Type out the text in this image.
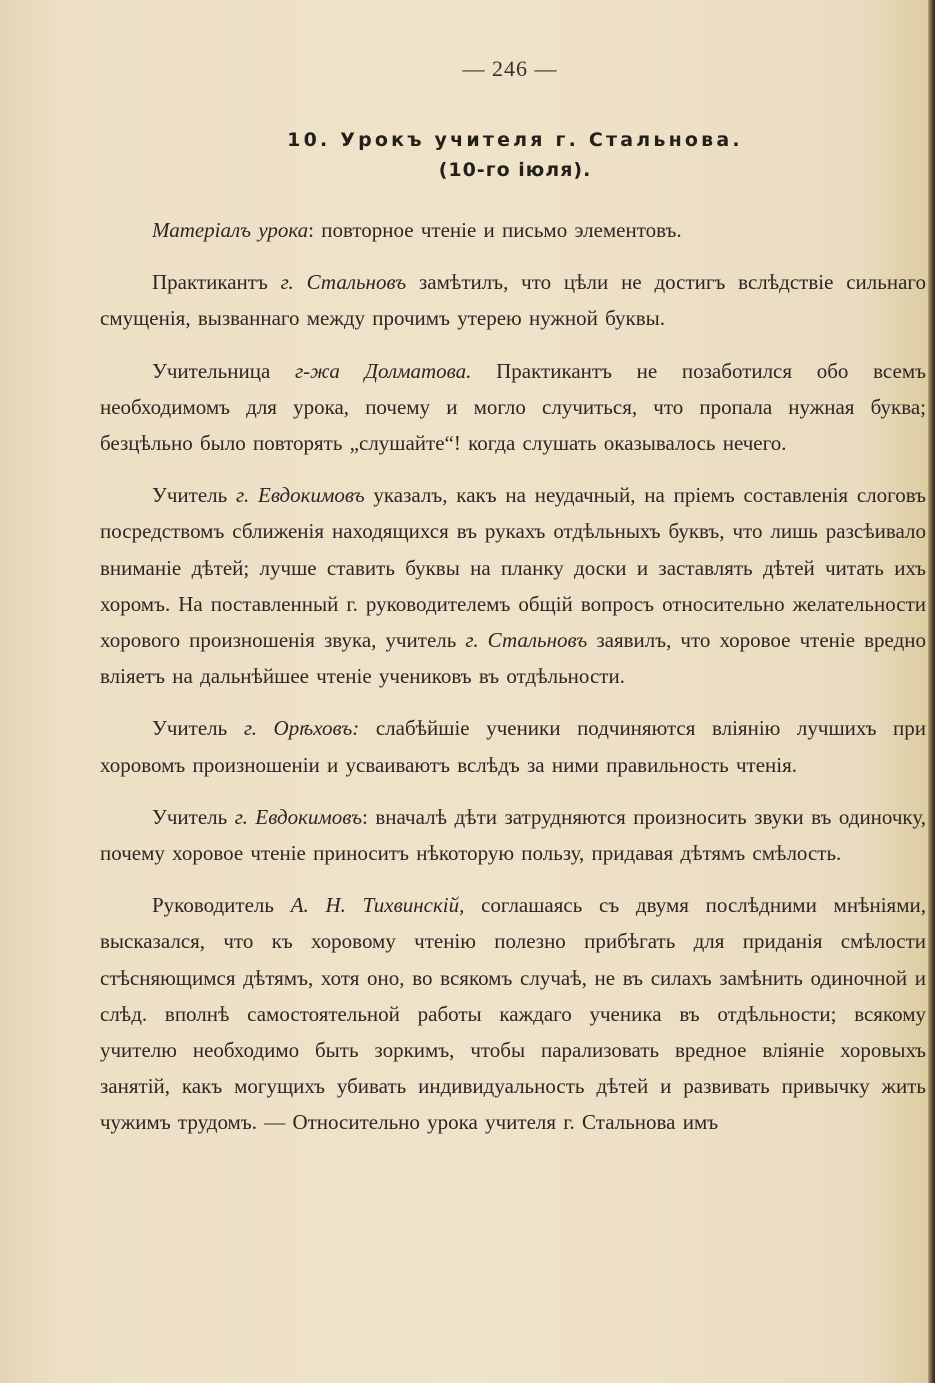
— 246 —
10. Урокъ учителя г. Стальнова.
(10-го іюля).

Матеріалъ урока: повторное чтеніе и письмо элементовъ.

Практикантъ г. Стальновъ замѣтилъ, что цѣли не достигъ вслѣдствіе сильнаго смущенія, вызваннаго между прочимъ утерею нужной буквы.

Учительница г-жа Долматова. Практикантъ не позаботился обо всемъ необходимомъ для урока, почему и могло случиться, что пропала нужная буква; безцѣльно было повторять „слушайте“! когда слушать оказывалось нечего.

Учитель г. Евдокимовъ указалъ, какъ на неудачный, на пріемъ составленія слоговъ посредствомъ сближенія находящихся въ рукахъ отдѣльныхъ буквъ, что лишь разсѣивало вниманіе дѣтей; лучше ставить буквы на планку доски и заставлять дѣтей читать ихъ хоромъ. На поставленный г. руководителемъ общій вопросъ относительно желательности хорового произношенія звука, учитель г. Стальновъ заявилъ, что хоровое чтеніе вредно вліяетъ на дальнѣйшее чтеніе учениковъ въ отдѣльности.

Учитель г. Орѣховъ: слабѣйшіе ученики подчиняются вліянію лучшихъ при хоровомъ произношеніи и усваиваютъ вслѣдъ за ними правильность чтенія.

Учитель г. Евдокимовъ: вначалѣ дѣти затрудняются произносить звуки въ одиночку, почему хоровое чтеніе приноситъ нѣкоторую пользу, придавая дѣтямъ смѣлость.

Руководитель А. Н. Тихвинскій, соглашаясь съ двумя послѣдними мнѣніями, высказался, что къ хоровому чтенію полезно прибѣгать для приданія смѣлости стѣсняющимся дѣтямъ, хотя оно, во всякомъ случаѣ, не въ силахъ замѣнить одиночной и слѣд. вполнѣ самостоятельной работы каждаго ученика въ отдѣльности; всякому учителю необходимо быть зоркимъ, чтобы парализовать вредное вліяніе хоровыхъ занятій, какъ могущихъ убивать индивидуальность дѣтей и развивать привычку жить чужимъ трудомъ. — Относительно урока учителя г. Стальнова имъ
